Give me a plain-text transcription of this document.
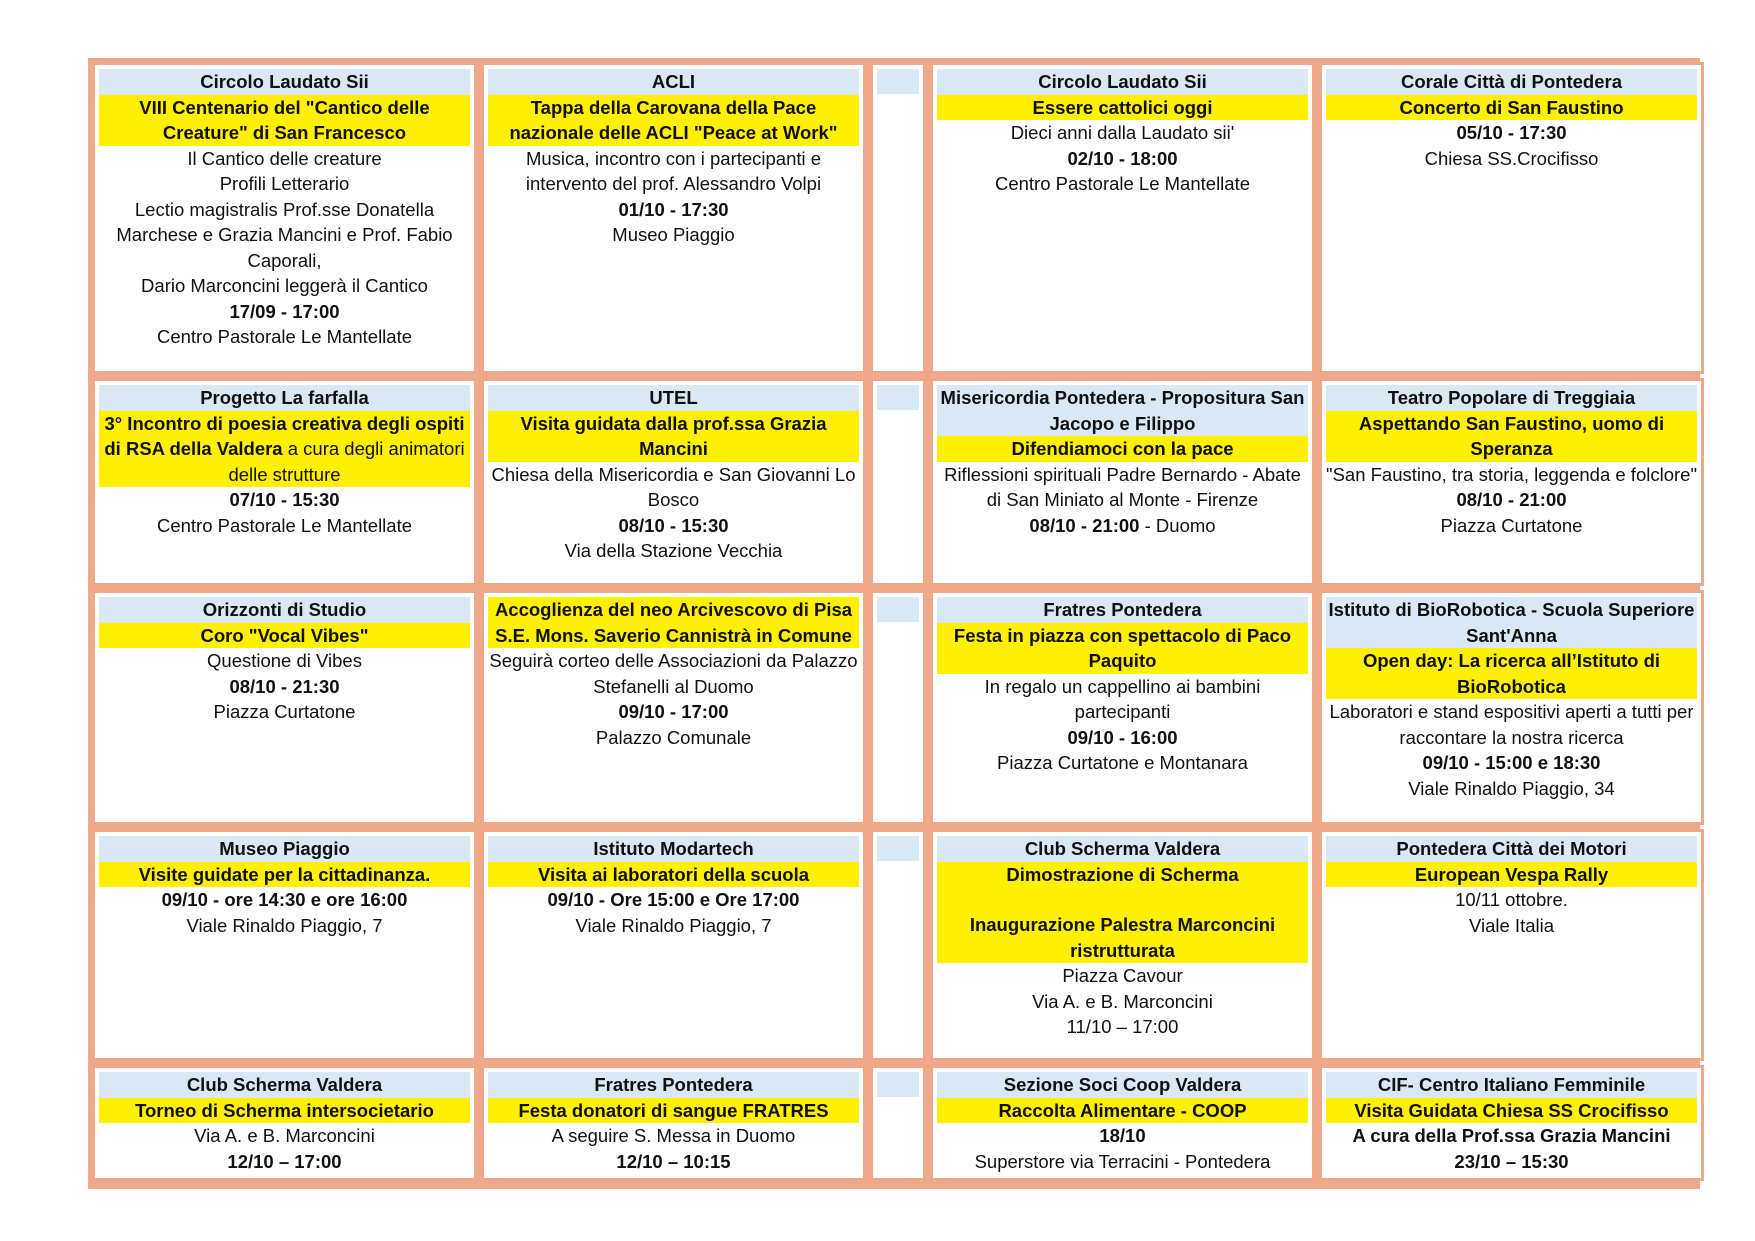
Circolo Laudato Sii
VIII Centenario del "Cantico delle Creature" di San Francesco
Il Cantico delle creature
Profili Letterario
Lectio magistralis Prof.sse Donatella Marchese e Grazia Mancini e Prof. Fabio Caporali,
Dario Marconcini leggerà il Cantico
17/09 - 17:00
Centro Pastorale Le Mantellate
ACLI
Tappa della Carovana della Pace nazionale delle ACLI "Peace at Work"
Musica, incontro con i partecipanti e intervento del prof. Alessandro Volpi
01/10 - 17:30
Museo Piaggio
Circolo Laudato Sii
Essere cattolici oggi
Dieci anni dalla Laudato sii'
02/10 - 18:00
Centro Pastorale Le Mantellate
Corale Città di Pontedera
Concerto di San Faustino
05/10 - 17:30
Chiesa SS.Crocifisso
Progetto La farfalla
3° Incontro di poesia creativa degli ospiti di RSA della Valdera a cura degli animatori delle strutture
07/10 - 15:30
Centro Pastorale Le Mantellate
UTEL
Visita guidata dalla prof.ssa Grazia Mancini
Chiesa della Misericordia e San Giovanni Lo Bosco
08/10 - 15:30
Via della Stazione Vecchia
Misericordia Pontedera - Propositura San Jacopo e Filippo
Difendiamoci con la pace
Riflessioni spirituali Padre Bernardo - Abate di San Miniato al Monte - Firenze
08/10 - 21:00 - Duomo
Teatro Popolare di Treggiaia
Aspettando San Faustino, uomo di Speranza
"San Faustino, tra storia, leggenda e folclore"
08/10 - 21:00
Piazza Curtatone
Orizzonti di Studio
Coro "Vocal Vibes"
Questione di Vibes
08/10 - 21:30
Piazza Curtatone
Accoglienza del neo Arcivescovo di Pisa S.E. Mons. Saverio Cannistrà in Comune
Seguirà corteo delle Associazioni da Palazzo Stefanelli al Duomo
09/10 - 17:00
Palazzo Comunale
Fratres Pontedera
Festa in piazza con spettacolo di Paco Paquito
In regalo un cappellino ai bambini partecipanti
09/10 - 16:00
Piazza Curtatone e Montanara
Istituto di BioRobotica - Scuola Superiore Sant'Anna
Open day: La ricerca all’Istituto di BioRobotica
Laboratori e stand espositivi aperti a tutti per raccontare la nostra ricerca
09/10 - 15:00 e 18:30
Viale Rinaldo Piaggio, 34
Museo Piaggio
Visite guidate per la cittadinanza.
09/10 - ore 14:30 e ore 16:00
Viale Rinaldo Piaggio, 7
Istituto Modartech
Visita ai laboratori della scuola
09/10 - Ore 15:00 e Ore 17:00
Viale Rinaldo Piaggio, 7
Club Scherma Valdera
Dimostrazione di Scherma
Inaugurazione Palestra Marconcini ristrutturata
Piazza Cavour
Via A. e B. Marconcini
11/10 – 17:00
Pontedera Città dei Motori
European Vespa Rally
10/11 ottobre.
Viale Italia
Club Scherma Valdera
Torneo di Scherma intersocietario
Via A. e B. Marconcini
12/10 – 17:00
Fratres Pontedera
Festa donatori di sangue FRATRES
A seguire S. Messa in Duomo
12/10 – 10:15
Sezione Soci Coop Valdera
Raccolta Alimentare - COOP
18/10
Superstore via Terracini - Pontedera
CIF- Centro Italiano Femminile
Visita Guidata Chiesa SS Crocifisso
A cura della Prof.ssa Grazia Mancini
23/10 – 15:30
